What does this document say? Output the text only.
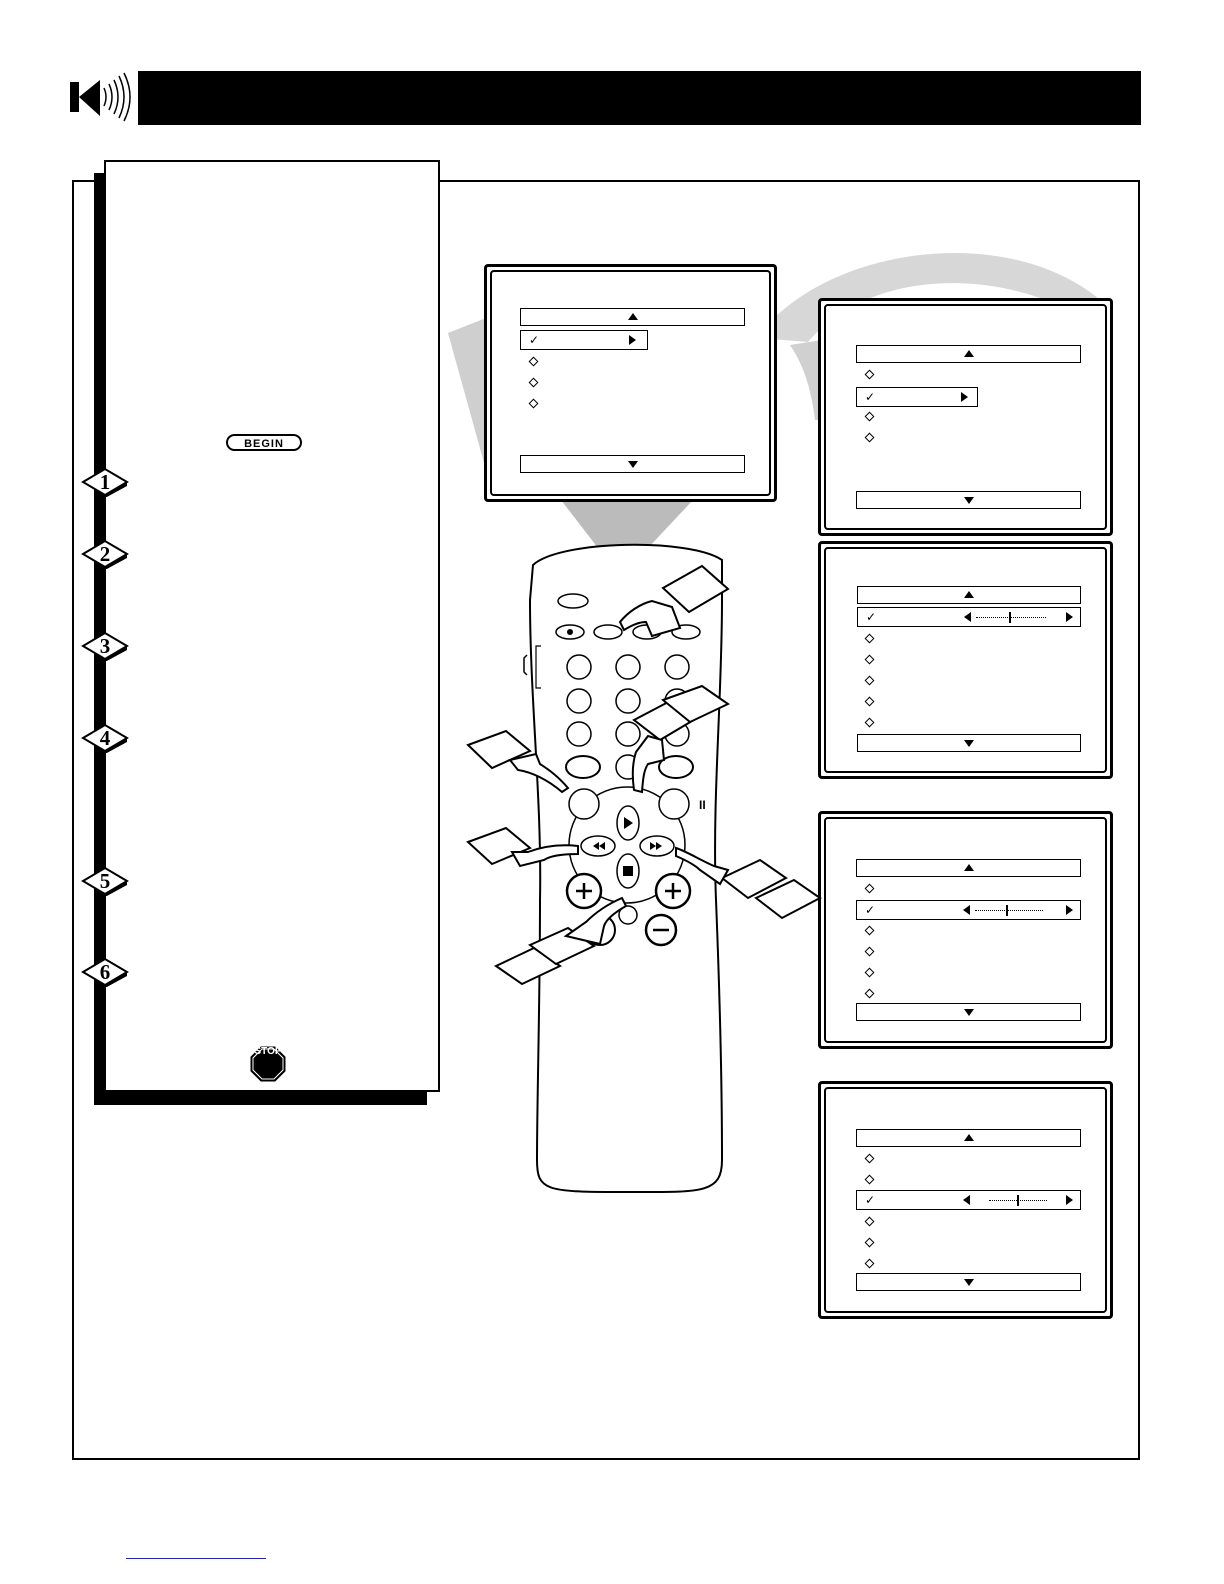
BEGIN
1
2
3
4
5
6
STOP
✓
✓
✓
✓
✓
II
